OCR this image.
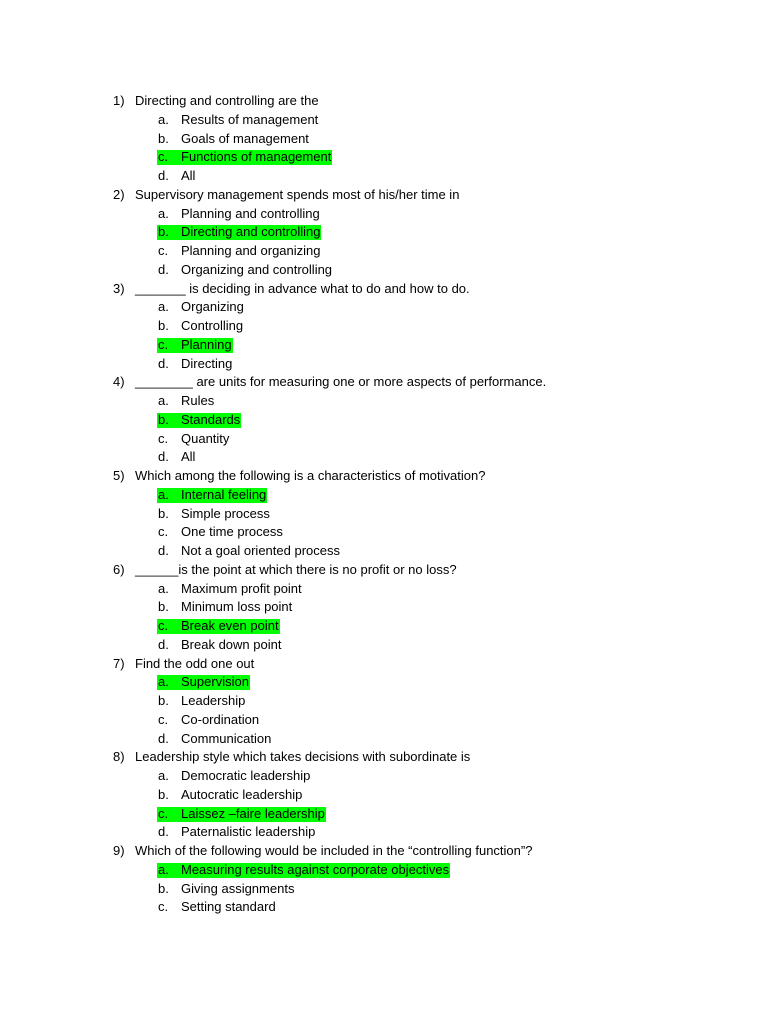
1) Directing and controlling are the
a. Results of management
b. Goals of management
c. Functions of management
d. All
2) Supervisory management spends most of his/her time in
a. Planning and controlling
b. Directing and controlling
c. Planning and organizing
d. Organizing and controlling
3) _______ is deciding in advance what to do and how to do.
a. Organizing
b. Controlling
c. Planning
d. Directing
4) ________ are units for measuring one or more aspects of performance.
a. Rules
b. Standards
c. Quantity
d. All
5) Which among the following is a characteristics of motivation?
a. Internal feeling
b. Simple process
c. One time process
d. Not a goal oriented process
6) ______is the point at which there is no profit or no loss?
a. Maximum profit point
b. Minimum loss point
c. Break even point
d. Break down point
7) Find the odd one out
a. Supervision
b. Leadership
c. Co-ordination
d. Communication
8) Leadership style which takes decisions with subordinate is
a. Democratic leadership
b. Autocratic leadership
c. Laissez –faire leadership
d. Paternalistic leadership
9) Which of the following would be included in the “controlling function”?
a. Measuring results against corporate objectives
b. Giving assignments
c. Setting standard
